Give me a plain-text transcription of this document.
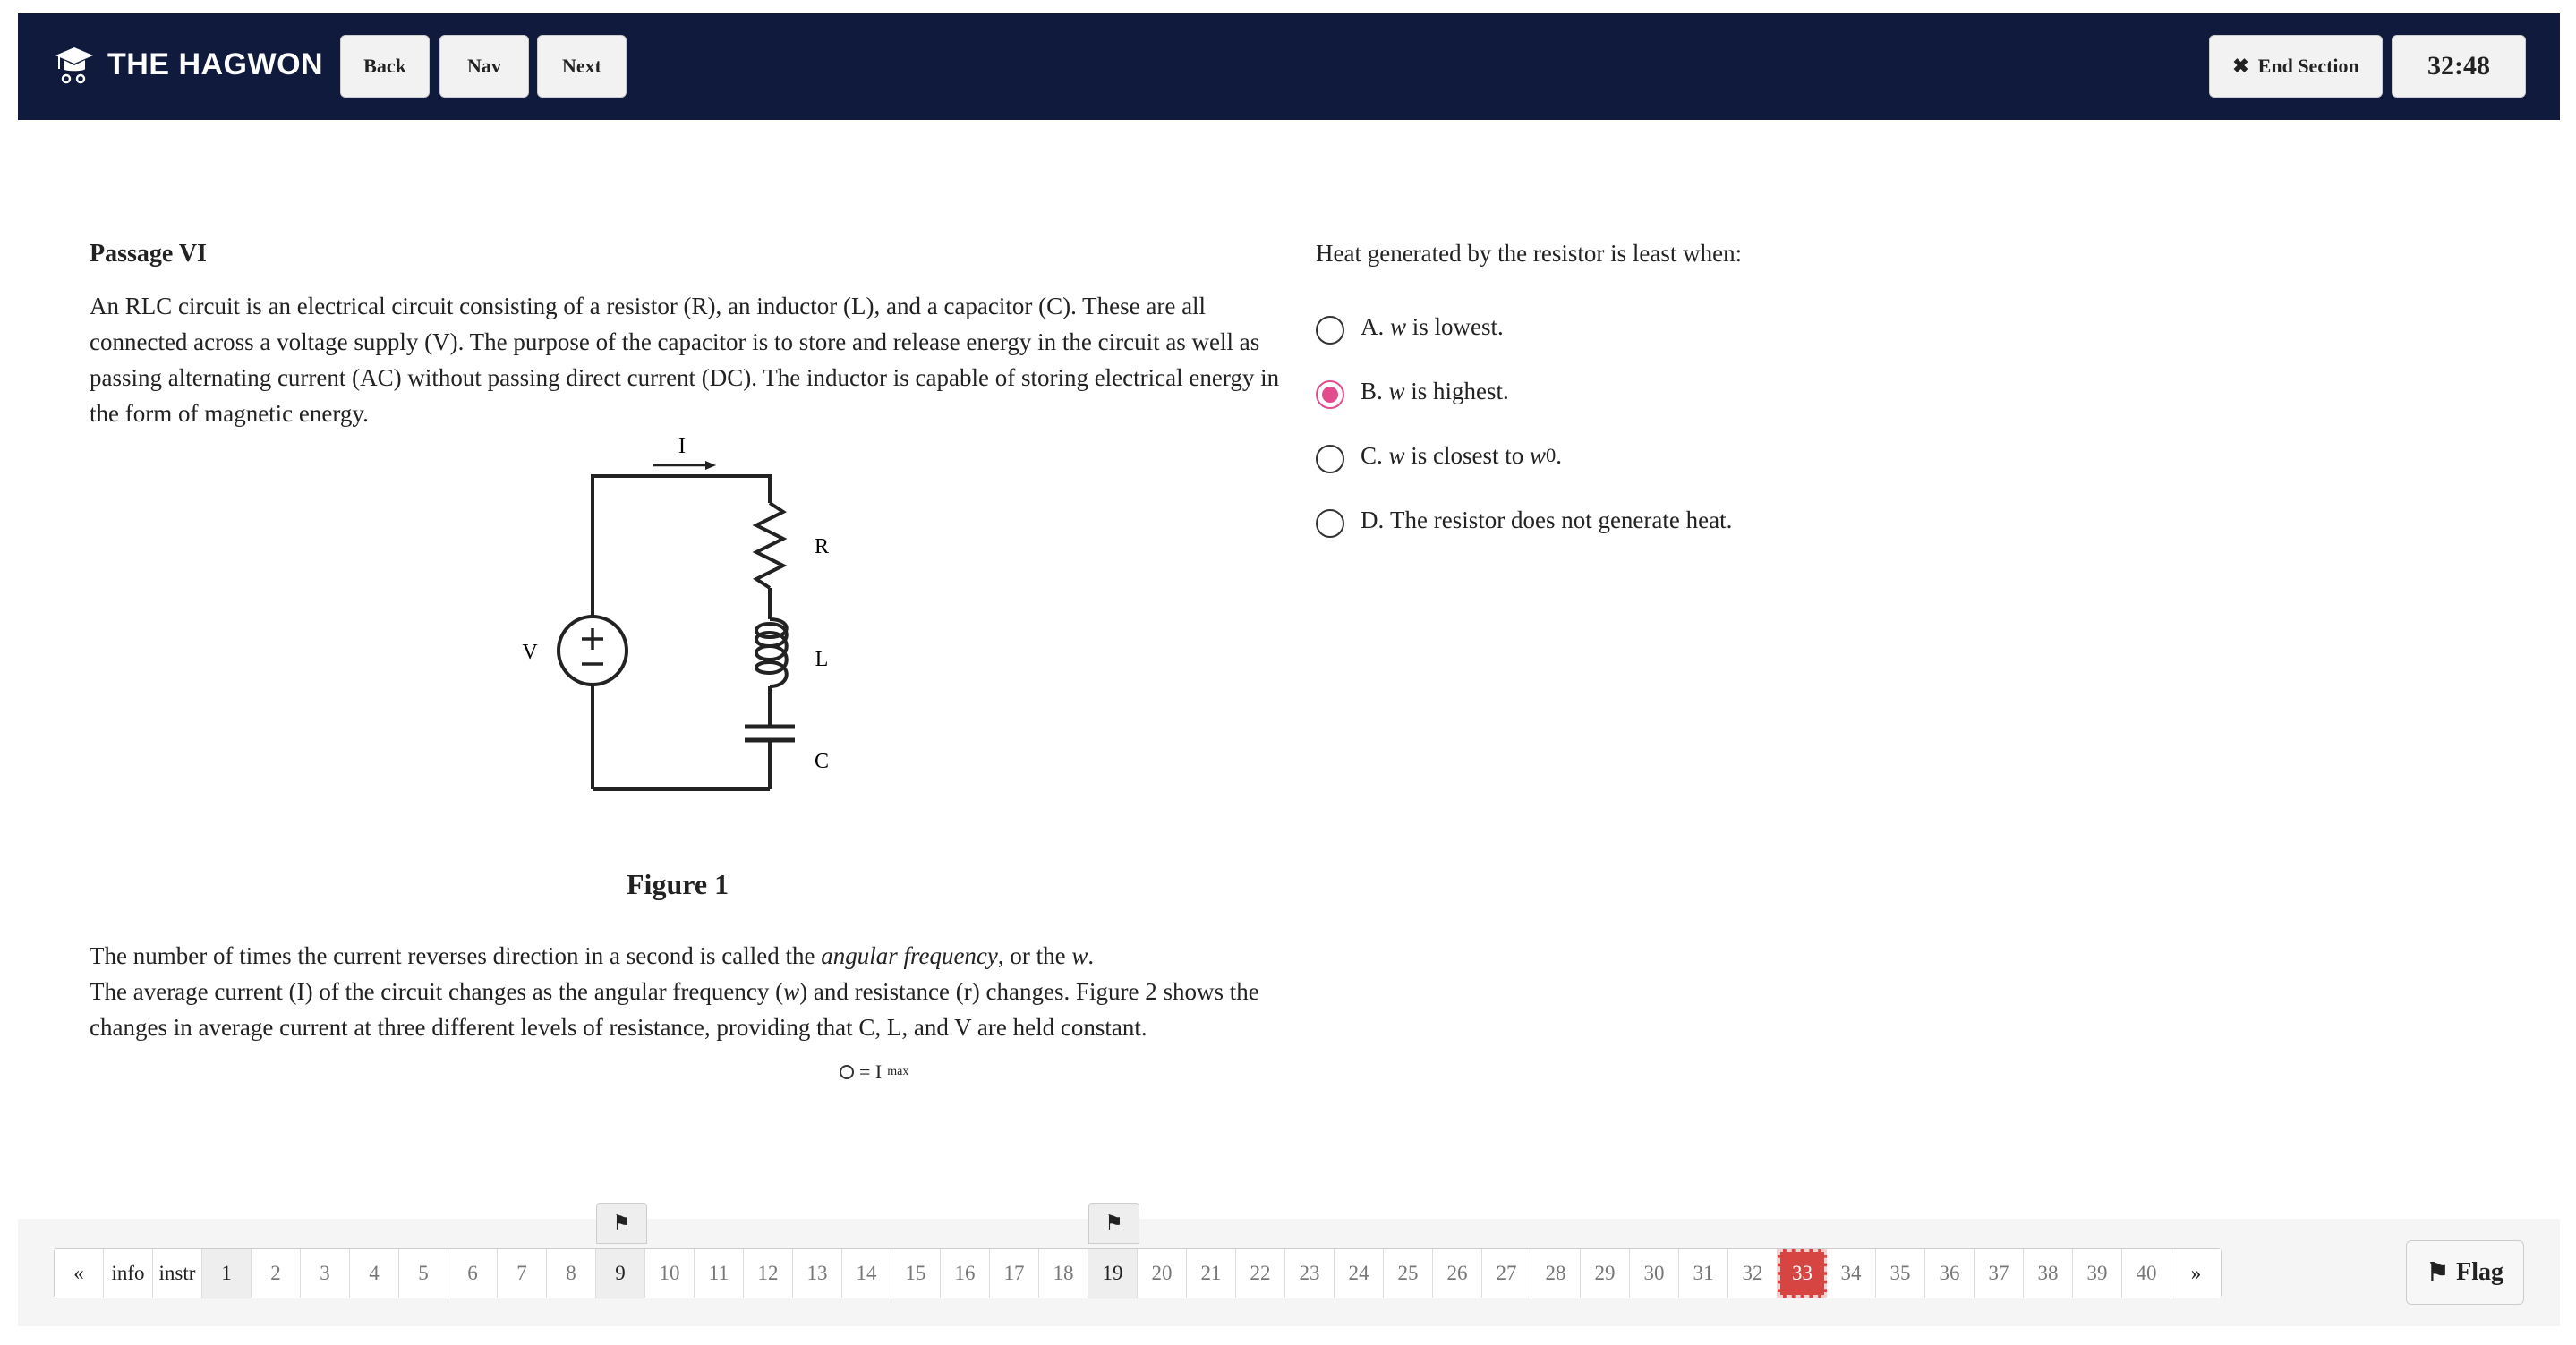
THE HAGWON	Back	Nav	Next	✖ End Section	32:48

Passage VI

An RLC circuit is an electrical circuit consisting of a resistor (R), an inductor (L), and a capacitor (C). These are all connected across a voltage supply (V). The purpose of the capacitor is to store and release energy in the circuit as well as passing alternating current (AC) without passing direct current (DC). The inductor is capable of storing electrical energy in the form of magnetic energy.

I
V
R
L
C
Figure 1
The number of times the current reverses direction in a second is called the angular frequency, or the w.
The average current (I) of the circuit changes as the angular frequency (w) and resistance (r) changes. Figure 2 shows the changes in average current at three different levels of resistance, providing that C, L, and V are held constant.
= I max

Heat generated by the resistor is least when:

A.
w
is lowest.
B.
w
is highest.
C.
w
is closest to
w 0 .
D.
The resistor does not generate heat.
«	info instr	1	2	3	4	5	6	7	8
⚑
9	10	11	12	13	14	15	16	17	18
⚑
19	20	21	22	23	24	25	26	27	28	29	30	31	32	33	34	35	36	37	38	39	40	»	⚑ Flag
